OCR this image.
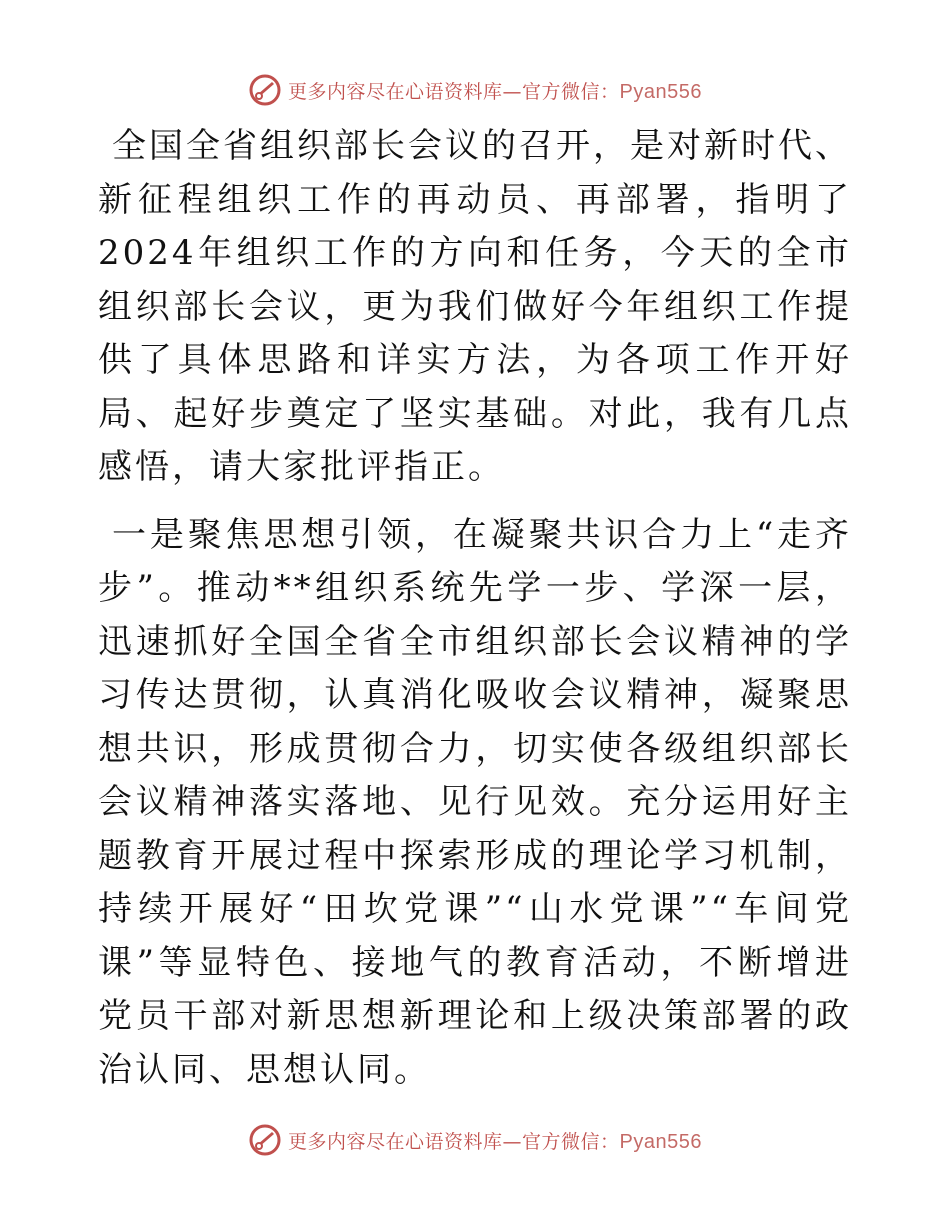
更多内容尽在心语资料库—官方微信：Pyan556

全国全省组织部长会议的召开，是对新时代、新征程组织工作的再动员、再部署，指明了2024年组织工作的方向和任务，今天的全市组织部长会议，更为我们做好今年组织工作提供了具体思路和详实方法，为各项工作开好局、起好步奠定了坚实基础。对此，我有几点感悟，请大家批评指正。

一是聚焦思想引领，在凝聚共识合力上“走齐步”。推动**组织系统先学一步、学深一层，迅速抓好全国全省全市组织部长会议精神的学习传达贯彻，认真消化吸收会议精神，凝聚思想共识，形成贯彻合力，切实使各级组织部长会议精神落实落地、见行见效。充分运用好主题教育开展过程中探索形成的理论学习机制，持续开展好“田坎党课”“山水党课”“车间党课”等显特色、接地气的教育活动，不断增进党员干部对新思想新理论和上级决策部署的政治认同、思想认同。

更多内容尽在心语资料库—官方微信：Pyan556
